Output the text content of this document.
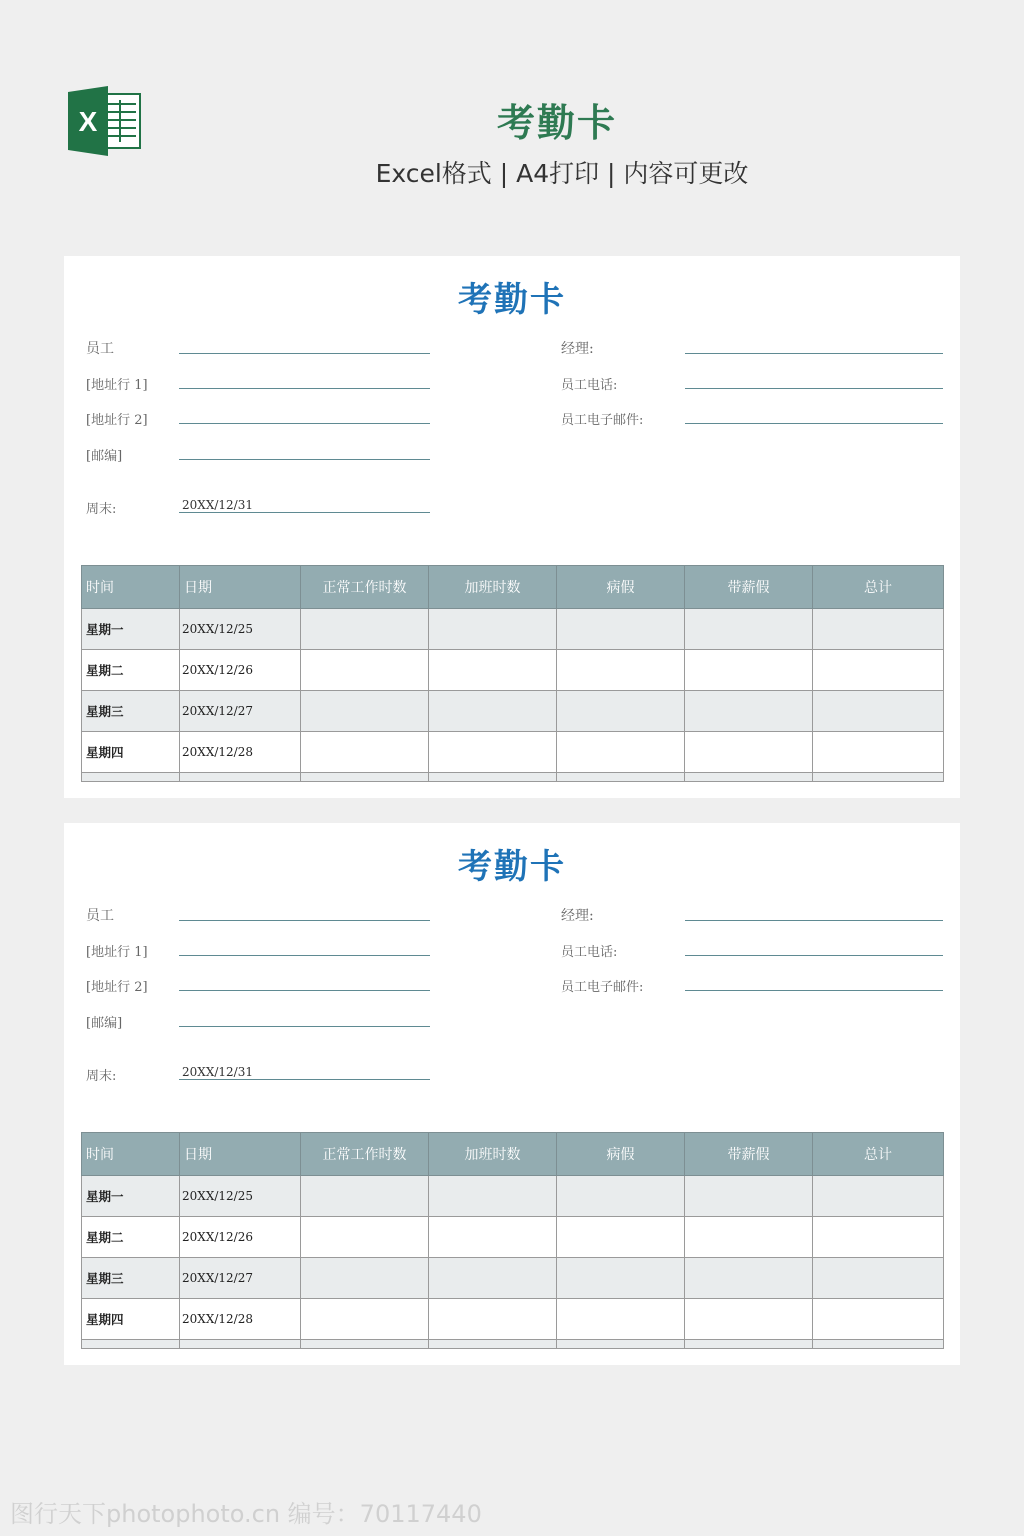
X	考勤卡
Excel格式 | A4打印 | 内容可更改
考勤卡
员工
[地址行 1]
[地址行 2]
[邮编]
经理:
员工电话:
员工电子邮件:
周末:	20XX/12/31
时间	日期	正常工作时数	加班时数	病假	带薪假	总计
星期一	20XX/12/25					
星期二	20XX/12/26					
星期三	20XX/12/27					
星期四	20XX/12/28					

考勤卡
员工
[地址行 1]
[地址行 2]
[邮编]
经理:
员工电话:
员工电子邮件:
周末:	20XX/12/31
时间	日期	正常工作时数	加班时数	病假	带薪假	总计
星期一	20XX/12/25					
星期二	20XX/12/26					
星期三	20XX/12/27					
星期四	20XX/12/28					

图行天下photophoto.cn 编号：70117440
